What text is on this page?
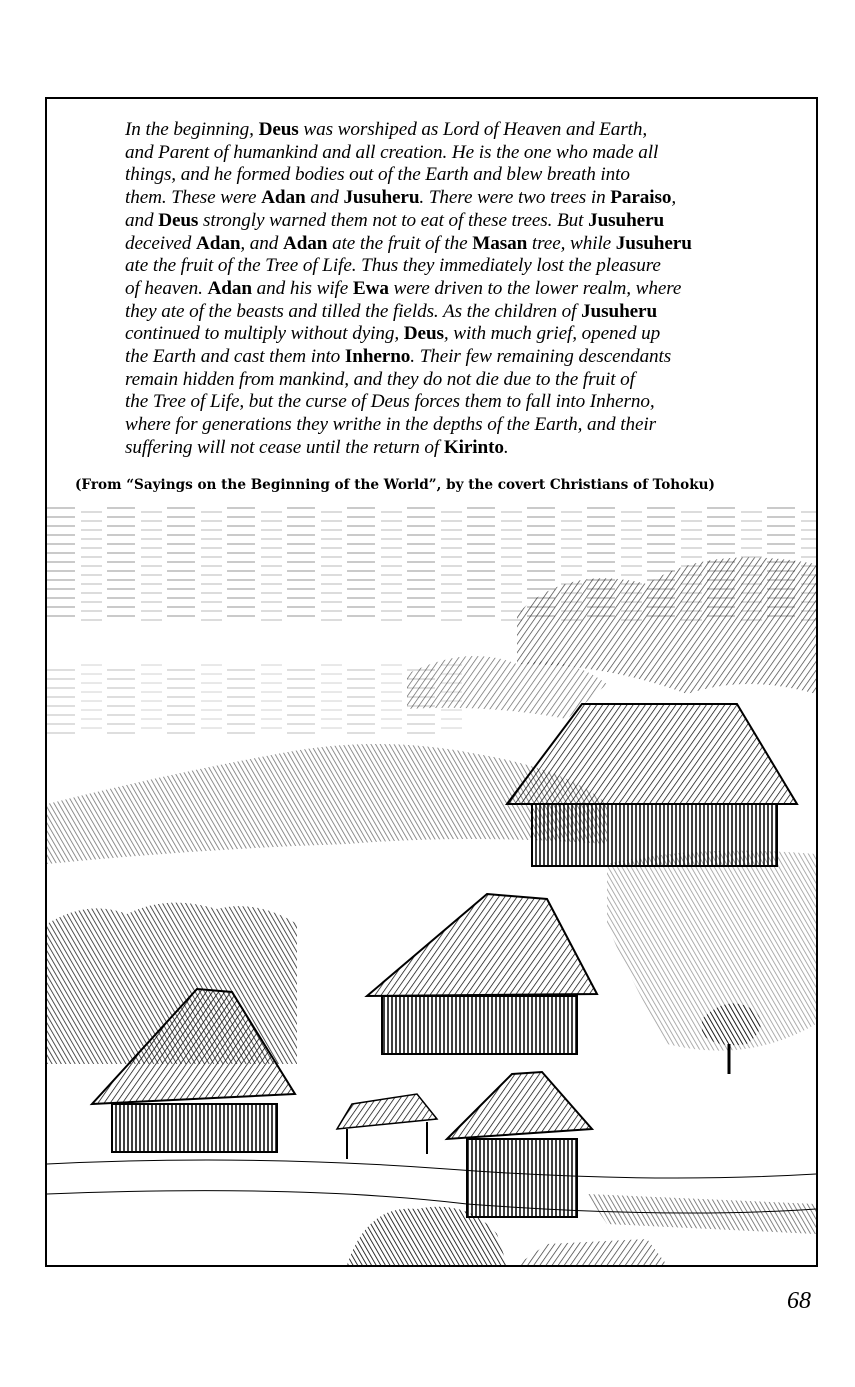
In the beginning, Deus was worshiped as Lord of Heaven and Earth,
and Parent of humankind and all creation. He is the one who made all
things, and he formed bodies out of the Earth and blew breath into
them. These were Adan and Jusuheru. There were two trees in Paraiso,
and Deus strongly warned them not to eat of these trees. But Jusuheru
deceived Adan, and Adan ate the fruit of the Masan tree, while Jusuheru
ate the fruit of the Tree of Life. Thus they immediately lost the pleasure
of heaven. Adan and his wife Ewa were driven to the lower realm, where
they ate of the beasts and tilled the fields. As the children of Jusuheru
continued to multiply without dying, Deus, with much grief, opened up
the Earth and cast them into Inherno. Their few remaining descendants
remain hidden from mankind, and they do not die due to the fruit of
the Tree of Life, but the curse of Deus forces them to fall into Inherno,
where for generations they writhe in the depths of the Earth, and their
suffering will not cease until the return of Kirinto.
(From “Sayings on the Beginning of the World”, by the covert Christians of Tohoku)
68
